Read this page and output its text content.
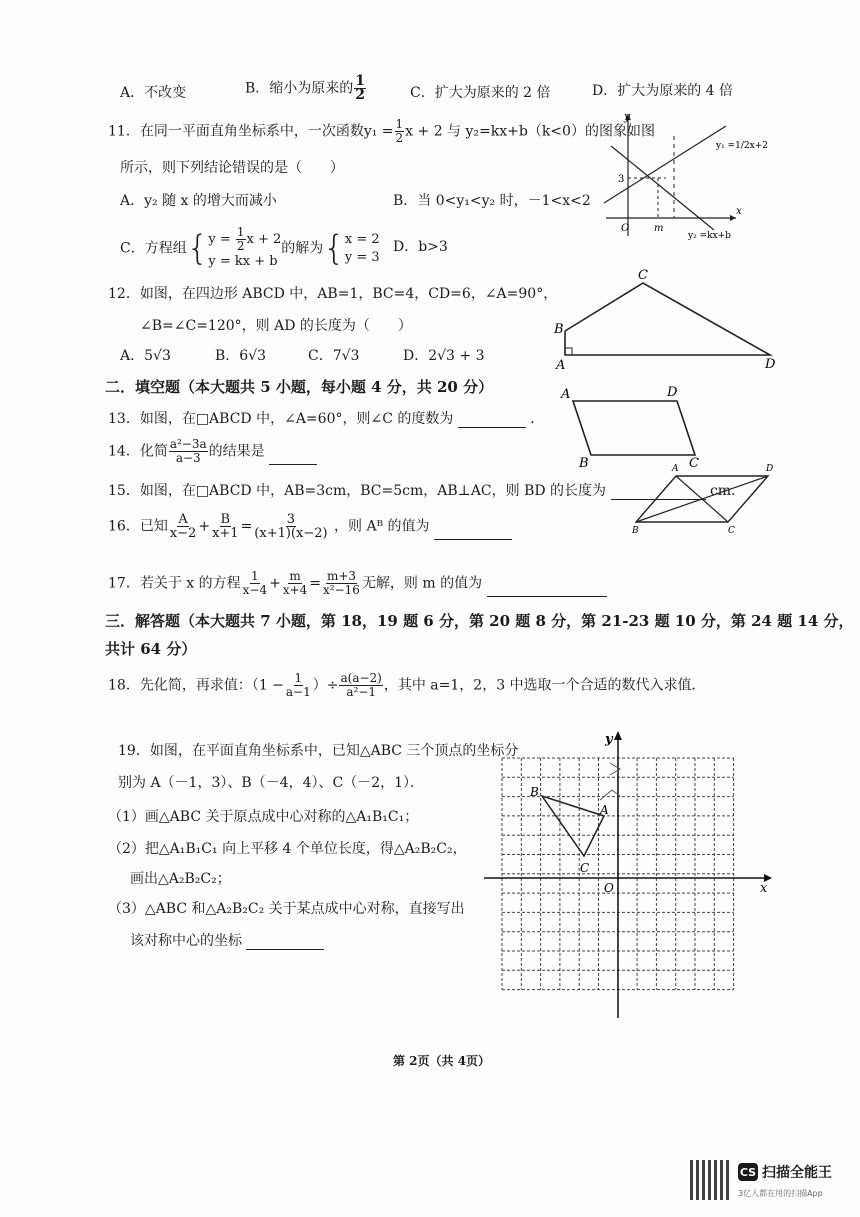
A．不改变	B．缩小为原来的 $\frac{1}{2}$	C．扩大为原来的 2 倍	D．扩大为原来的 4 倍
11．在同一平面直角坐标系中，一次函数$y_1 = \frac{1}{2}$ x + 2 与 y₂=kx+b（k<0）的图象如图
所示，则下列结论错误的是（　　）
A．y₂ 随 x 的增大而减小	B．当 0<y₁<y₂ 时，－1<x<2
C．方程组{ $y = \frac{1}{2}$ x + 2
y = kx + b
的解为{ x = 2
y = 3
D．b>3
y
x
O m
3
y₁ =1/2x+2
y₂ =kx+b
12．如图，在四边形 ABCD 中，AB=1，BC=4，CD=6，∠A=90°，
∠B=∠C=120°，则 AD 的长度为（　　）
A．5√3	B．6√3	C．7√3	D．2√3 + 3
C
B
A	D
二．填空题（本大题共 5 小题，每小题 4 分，共 20 分）
13．如图，在□ABCD 中，∠A=60°，则∠C 的度数为	．
A	D
B	C
14．化简 $\frac{\text{a²−3a}}{a-3}$ 的结果是
15．如图，在□ABCD 中，AB=3cm，BC=5cm，AB⊥AC，则 BD 的长度为	cm．
A	D
B	C
16．已知 $\frac{A}{x-2} + \frac{B}{x+1} = \frac{3}{(x+1)(x-2)}$ ，则 Aᴮ 的值为
17．若关于 x 的方程 $\frac{1}{x-4} + \frac{m}{x+4} = \frac{m+3}{\text{x²−16}}$ 无解，则 m 的值为
三．解答题（本大题共 7 小题，第 18，19 题 6 分，第 20 题 8 分，第 21-23 题 10 分，第 24 题 14 分，
共计 64 分）
18．先化简，再求值：（$1 - \frac{1}{a-1}$ ）÷ $\frac{a(a-2)}{\text{a²−1}}$ ，其中 a=1，2，3 中选取一个合适的数代入求值．
19．如图，在平面直角坐标系中，已知△ABC 三个顶点的坐标分
别为 A（－1，3）、B（－4，4）、C（－2，1）．
（1）画△ABC 关于原点成中心对称的△A₁B₁C₁；
（2）把△A₁B₁C₁ 向上平移 4 个单位长度，得△A₂B₂C₂，
画出△A₂B₂C₂；
（3）△ABC 和△A₂B₂C₂ 关于某点成中心对称，直接写出
该对称中心的坐标
y
x
O
A
B
C
第 2页（共 4页）
CS 扫描全能王
3亿人都在用的扫描App
